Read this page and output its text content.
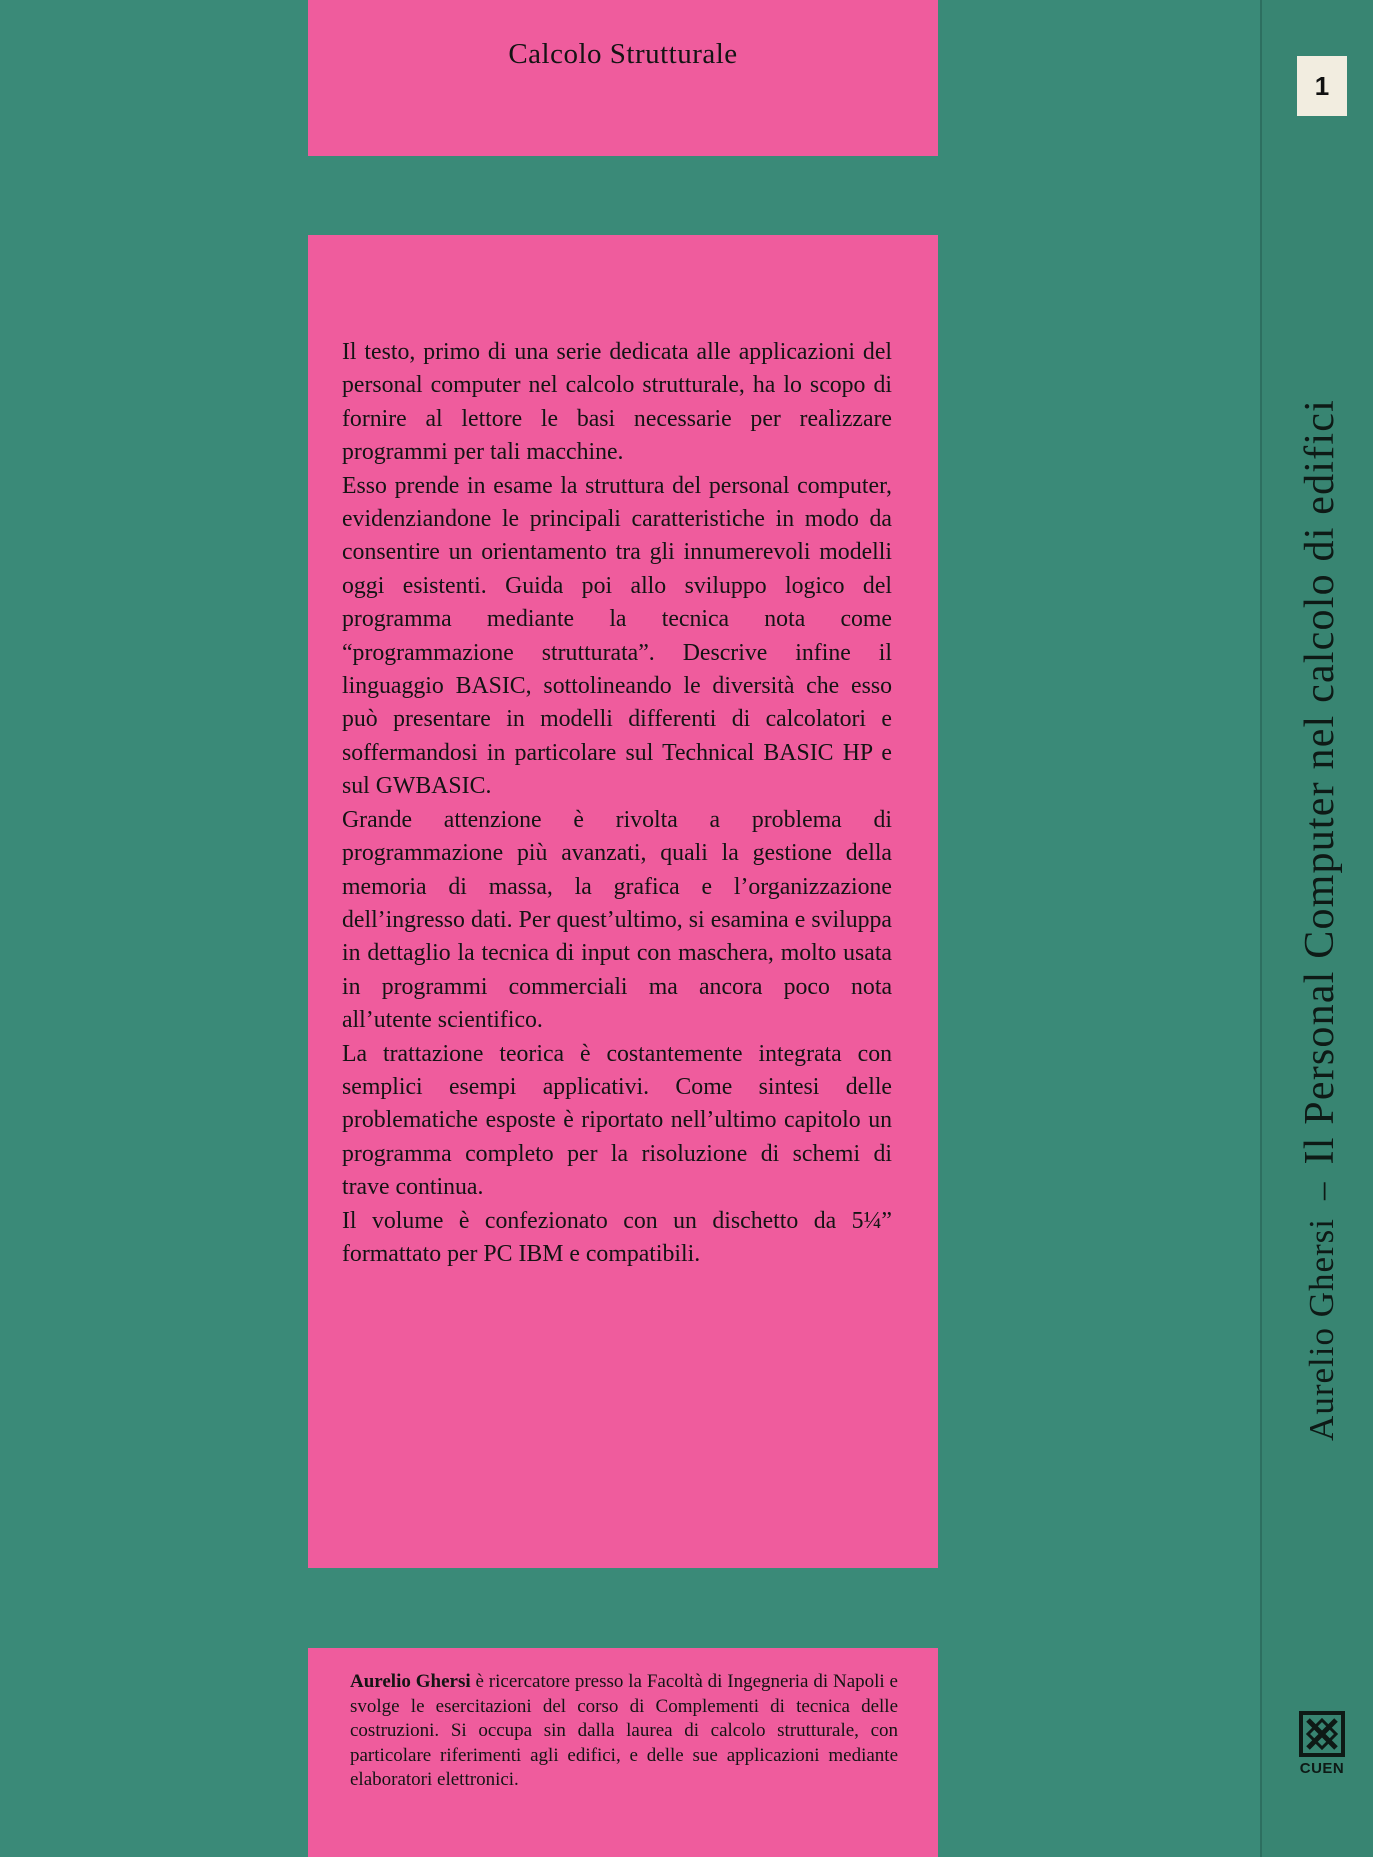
Calcolo Strutturale

Il testo, primo di una serie dedicata alle applicazioni del personal computer nel calcolo strutturale, ha lo scopo di fornire al lettore le basi necessarie per realizzare programmi per tali macchine.

Esso prende in esame la struttura del personal computer, evidenziandone le principali caratteristiche in modo da consentire un orientamento tra gli innumerevoli modelli oggi esistenti. Guida poi allo sviluppo logico del programma mediante la tecnica nota come “programmazione strutturata”. Descrive infine il linguaggio BASIC, sottolineando le diversità che esso può presentare in modelli differenti di calcolatori e soffermandosi in particolare sul Technical BASIC HP e sul GWBASIC.

Grande attenzione è rivolta a problema di programmazione più avanzati, quali la gestione della memoria di massa, la grafica e l’organizzazione dell’ingresso dati. Per quest’ultimo, si esamina e sviluppa in dettaglio la tecnica di input con maschera, molto usata in programmi commerciali ma ancora poco nota all’utente scientifico.

La trattazione teorica è costantemente integrata con semplici esempi applicativi. Come sintesi delle problematiche esposte è riportato nell’ultimo capitolo un programma completo per la risoluzione di schemi di trave continua.

Il volume è confezionato con un dischetto da 5¼” formattato per PC IBM e compatibili.

Aurelio Ghersi è ricercatore presso la Facoltà di Ingegneria di Napoli e svolge le esercitazioni del corso di Complementi di tecnica delle costruzioni. Si occupa sin dalla laurea di calcolo strutturale, con particolare riferimenti agli edifici, e delle sue applicazioni mediante elaboratori elettronici.
1
Aurelio Ghersi–Il Personal Computer nel calcolo di edifici
CUEN
